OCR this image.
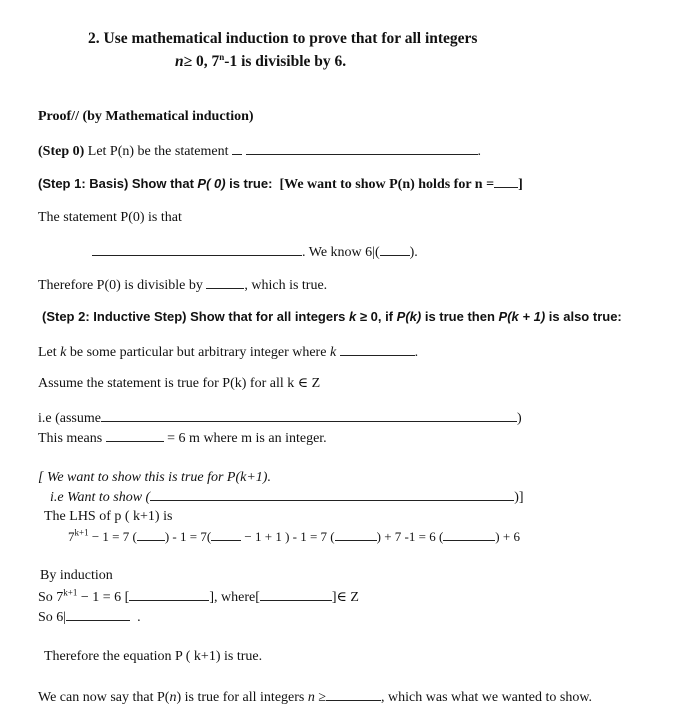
2. Use mathematical induction to prove that for all integers
n≥ 0, 7$^n$-1 is divisible by 6.
Proof// (by Mathematical induction)
(Step 0) Let P(n) be the statement	.
(Step 1: Basis) Show that P( 0) is true: [We want to show P(n) holds for n = ]
The statement P(0) is that
. We know 6|( ).
Therefore P(0) is divisible by	, which is true.
(Step 2: Inductive Step) Show that for all integers k ≥ 0, if P(k) is true then P(k + 1) is also true:
Let k be some particular but arbitrary integer where k	.
Assume the statement is true for P(k) for all k ∈ Z
i.e (assume	)
This means	= 6 m where m is an integer.
[ We want to show this is true for P(k+1).
i.e Want to show (	)]
The LHS of p ( k+1) is
$7^{k+1} - 1 = 7$ ( ) - 1 = 7( − 1 + 1 ) - 1 = 7 (	) + 7 -1 = 6 (	) + 6
By induction
So $7^{k+1} - 1 = 6$ [	], where[	]∈ Z
So 6|	.
Therefore the equation P ( k+1) is true.
We can now say that P(n) is true for all integers n ≥	, which was what we wanted to show.
